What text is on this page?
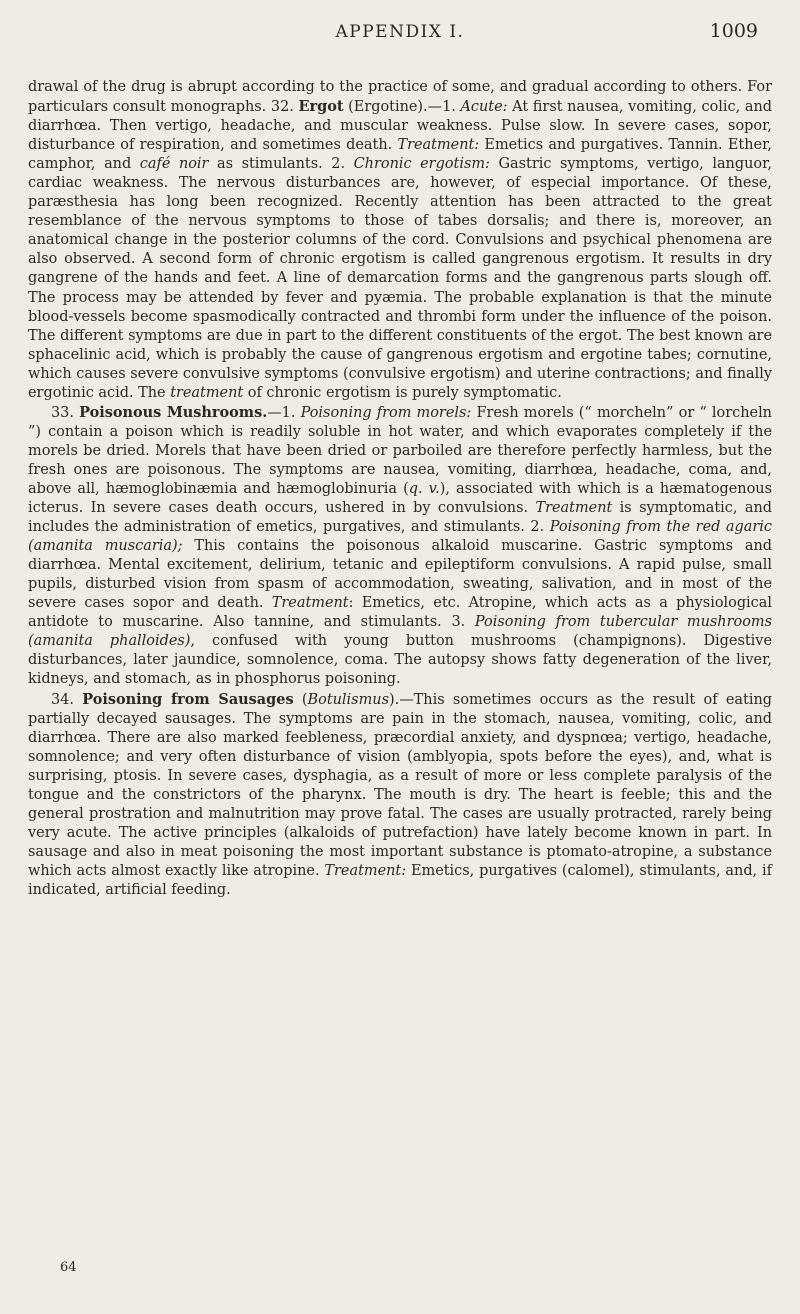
APPENDIX I.	1009

drawal of the drug is abrupt according to the practice of some, and gradual according to others. For particulars consult monographs. 32. Ergot (Ergotine).—1. Acute: At first nausea, vomiting, colic, and diarrhœa. Then vertigo, headache, and muscular weakness. Pulse slow. In severe cases, sopor, disturbance of respiration, and sometimes death. Treatment: Emetics and purgatives. Tannin. Ether, camphor, and café noir as stimulants. 2. Chronic ergotism: Gastric symptoms, vertigo, languor, cardiac weakness. The nervous disturbances are, however, of especial importance. Of these, paræsthesia has long been recognized. Recently attention has been attracted to the great resemblance of the nervous symptoms to those of tabes dorsalis; and there is, moreover, an anatomical change in the posterior columns of the cord. Convulsions and psychical phenomena are also observed. A second form of chronic ergotism is called gangrenous ergotism. It results in dry gangrene of the hands and feet. A line of demarcation forms and the gangrenous parts slough off. The process may be attended by fever and pyæmia. The probable explanation is that the minute blood-vessels become spasmodically contracted and thrombi form under the influence of the poison. The different symptoms are due in part to the different constituents of the ergot. The best known are sphacelinic acid, which is probably the cause of gangrenous ergotism and ergotine tabes; cornutine, which causes severe convulsive symptoms (convulsive ergotism) and uterine contractions; and finally ergotinic acid. The treatment of chronic ergotism is purely symptomatic.

33. Poisonous Mushrooms.—1. Poisoning from morels: Fresh morels (“ morcheln” or “ lorcheln ”) contain a poison which is readily soluble in hot water, and which evaporates completely if the morels be dried. Morels that have been dried or parboiled are therefore perfectly harmless, but the fresh ones are poisonous. The symptoms are nausea, vomiting, diarrhœa, headache, coma, and, above all, hæmoglobinæmia and hæmoglobinuria (q. v.), associated with which is a hæmatogenous icterus. In severe cases death occurs, ushered in by convulsions. Treatment is symptomatic, and includes the administration of emetics, purgatives, and stimulants. 2. Poisoning from the red agaric (amanita muscaria); This contains the poisonous alkaloid muscarine. Gastric symptoms and diarrhœa. Mental excitement, delirium, tetanic and epileptiform convulsions. A rapid pulse, small pupils, disturbed vision from spasm of accommodation, sweating, salivation, and in most of the severe cases sopor and death. Treatment: Emetics, etc. Atropine, which acts as a physiological antidote to muscarine. Also tannine, and stimulants. 3. Poisoning from tubercular mushrooms (amanita phalloides), confused with young button mushrooms (champignons). Digestive disturbances, later jaundice, somnolence, coma. The autopsy shows fatty degeneration of the liver, kidneys, and stomach, as in phosphorus poisoning.

34. Poisoning from Sausages (Botulismus).—This sometimes occurs as the result of eating partially decayed sausages. The symptoms are pain in the stomach, nausea, vomiting, colic, and diarrhœa. There are also marked feebleness, præcordial anxiety, and dyspnœa; vertigo, headache, somnolence; and very often disturbance of vision (amblyopia, spots before the eyes), and, what is surprising, ptosis. In severe cases, dysphagia, as a result of more or less complete paralysis of the tongue and the constrictors of the pharynx. The mouth is dry. The heart is feeble; this and the general prostration and malnutrition may prove fatal. The cases are usually protracted, rarely being very acute. The active principles (alkaloids of putrefaction) have lately become known in part. In sausage and also in meat poisoning the most important substance is ptomato-atropine, a substance which acts almost exactly like atropine. Treatment: Emetics, purgatives (calomel), stimulants, and, if indicated, artificial feeding.

64
